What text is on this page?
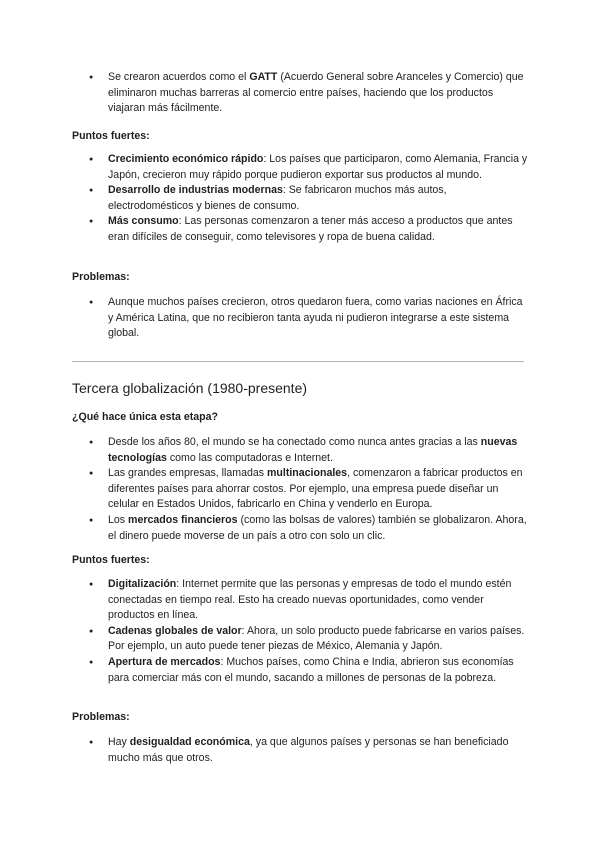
● Se crearon acuerdos como el GATT (Acuerdo General sobre Aranceles y Comercio) que eliminaron muchas barreras al comercio entre países, haciendo que los productos viajaran más fácilmente.
Puntos fuertes:
● Crecimiento económico rápido: Los países que participaron, como Alemania, Francia y Japón, crecieron muy rápido porque pudieron exportar sus productos al mundo.
● Desarrollo de industrias modernas: Se fabricaron muchos más autos, electrodomésticos y bienes de consumo.
● Más consumo: Las personas comenzaron a tener más acceso a productos que antes eran difíciles de conseguir, como televisores y ropa de buena calidad.
Problemas:
● Aunque muchos países crecieron, otros quedaron fuera, como varias naciones en África y América Latina, que no recibieron tanta ayuda ni pudieron integrarse a este sistema global.
Tercera globalización (1980-presente)
¿Qué hace única esta etapa?
● Desde los años 80, el mundo se ha conectado como nunca antes gracias a las nuevas tecnologías como las computadoras e Internet.
● Las grandes empresas, llamadas multinacionales, comenzaron a fabricar productos en diferentes países para ahorrar costos. Por ejemplo, una empresa puede diseñar un celular en Estados Unidos, fabricarlo en China y venderlo en Europa.
● Los mercados financieros (como las bolsas de valores) también se globalizaron. Ahora, el dinero puede moverse de un país a otro con solo un clic.
Puntos fuertes:
● Digitalización: Internet permite que las personas y empresas de todo el mundo estén conectadas en tiempo real. Esto ha creado nuevas oportunidades, como vender productos en línea.
● Cadenas globales de valor: Ahora, un solo producto puede fabricarse en varios países. Por ejemplo, un auto puede tener piezas de México, Alemania y Japón.
● Apertura de mercados: Muchos países, como China e India, abrieron sus economías para comerciar más con el mundo, sacando a millones de personas de la pobreza.
Problemas:
● Hay desigualdad económica, ya que algunos países y personas se han beneficiado mucho más que otros.
